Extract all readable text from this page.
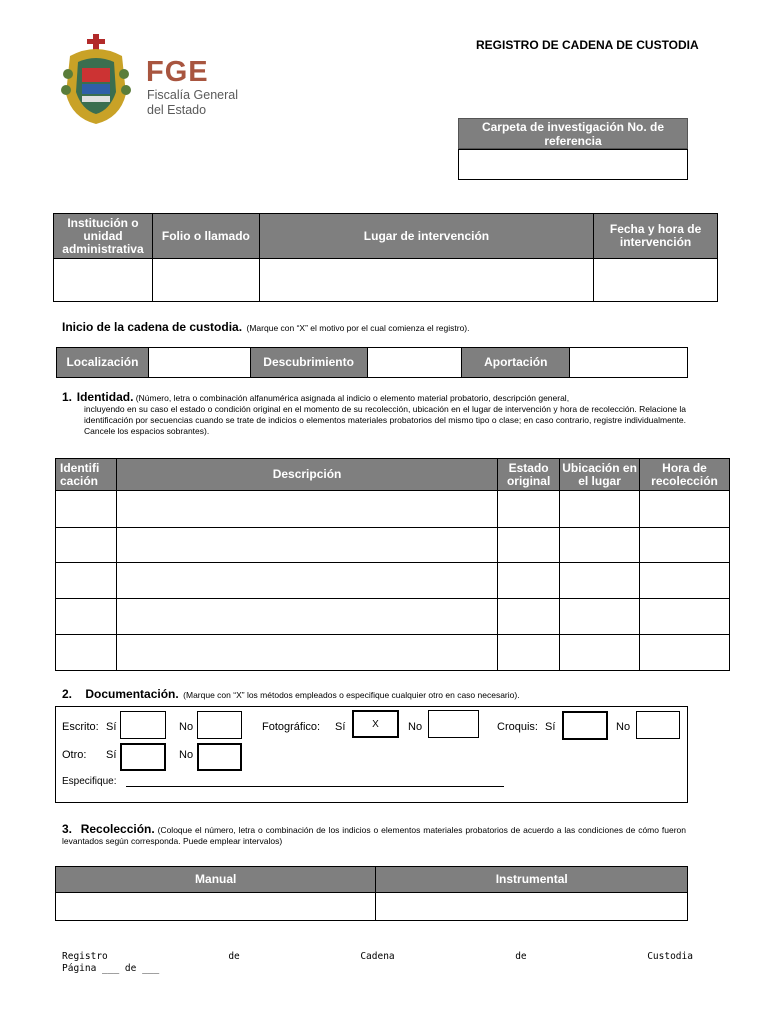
FGE
Fiscalía General
del Estado
REGISTRO DE CADENA DE CUSTODIA
Carpeta de investigación No. de referencia
Institución o unidad administrativa	Folio o llamado	Lugar de intervención	Fecha y hora de intervención

Inicio de la cadena de custodia. (Marque con “X” el motivo por el cual comienza el registro).
Localización		Descubrimiento		Aportación	
1. Identidad. (Número, letra o combinación alfanumérica asignada al indicio o elemento material probatorio, descripción general,
incluyendo en su caso el estado o condición original en el momento de su recolección, ubicación en el lugar de intervención y hora de recolección. Relacione la identificación por secuencias cuando se trate de indicios o elementos materiales probatorios del mismo tipo o clase; en caso contrario, registre individualmente. Cancele los espacios sobrantes).
Identifi cación	Descripción	Estado original	Ubicación en el lugar	Hora de recolección

2. Documentación. (Marque con “X” los métodos empleados o especifique cualquier otro en caso necesario).
Escrito: Sí	No	Fotográfico: Sí	X	No	Croquis: Sí	No
Otro: Sí	No
Especifique:
3. Recolección. (Coloque el número, letra o combinación de los indicios o elementos materiales probatorios de acuerdo a las condiciones de cómo fueron levantados según corresponda. Puede emplear intervalos)
Manual	Instrumental

Registro	de	Cadena	de	Custodia
Página ___ de ___
